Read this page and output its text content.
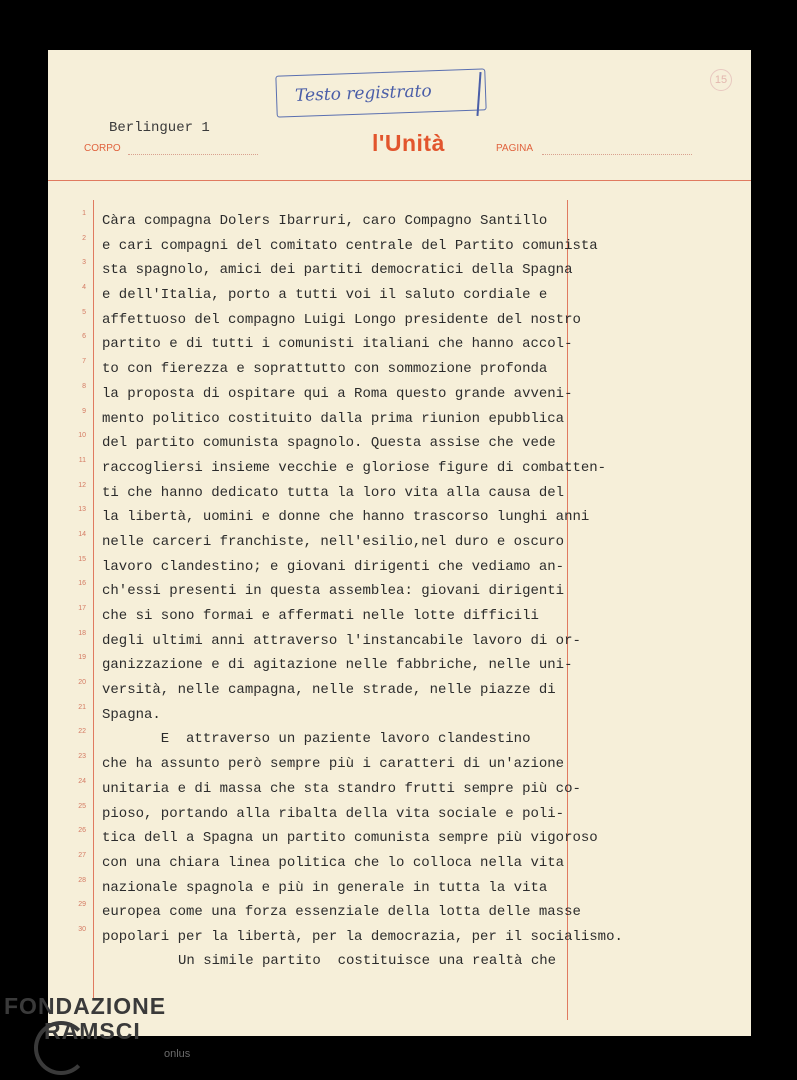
Testo registrato
15
Berlinguer 1
CORPO	l'Unità	PAGINA
1
2
3
4
5
6
7
8
9
10
11
12
13
14
15
16
17
18
19
20
21
22
23
24
25
26
27
28
29
30
Càra compagna Dolers Ibarruri, caro Compagno Santillo
e cari compagni del comitato centrale del Partito comunista
sta spagnolo, amici dei partiti democratici della Spagna
e dell'Italia, porto a tutti voi il saluto cordiale e
affettuoso del compagno Luigi Longo presidente del nostro
partito e di tutti i comunisti italiani che hanno accol-
to con fierezza e soprattutto con sommozione profonda
la proposta di ospitare qui a Roma questo grande avveni-
mento politico costituito dalla prima riunion epubblica
del partito comunista spagnolo. Questa assise che vede
raccogliersi insieme vecchie e gloriose figure di combatten-
ti che hanno dedicato tutta la loro vita alla causa del
la libertà, uomini e donne che hanno trascorso lunghi anni
nelle carceri franchiste, nell'esilio,nel duro e oscuro
lavoro clandestino; e giovani dirigenti che vediamo an-
ch'essi presenti in questa assemblea: giovani dirigenti
che si sono formai e affermati nelle lotte difficili
degli ultimi anni attraverso l'instancabile lavoro di or-
ganizzazione e di agitazione nelle fabbriche, nelle uni-
versità, nelle campagna, nelle strade, nelle piazze di
Spagna.
E  attraverso un paziente lavoro clandestino
che ha assunto però sempre più i caratteri di un'azione
unitaria e di massa che sta standro frutti sempre più co-
pioso, portando alla ribalta della vita sociale e poli-
tica dell a Spagna un partito comunista sempre più vigoroso
con una chiara linea politica che lo colloca nella vita
nazionale spagnola e più in generale in tutta la vita
europea come una forza essenziale della lotta delle masse
popolari per la libertà, per la democrazia, per il socialismo.
Un simile partito  costituisce una realtà che
FONDAZIONE
RAMSCI
onlus
